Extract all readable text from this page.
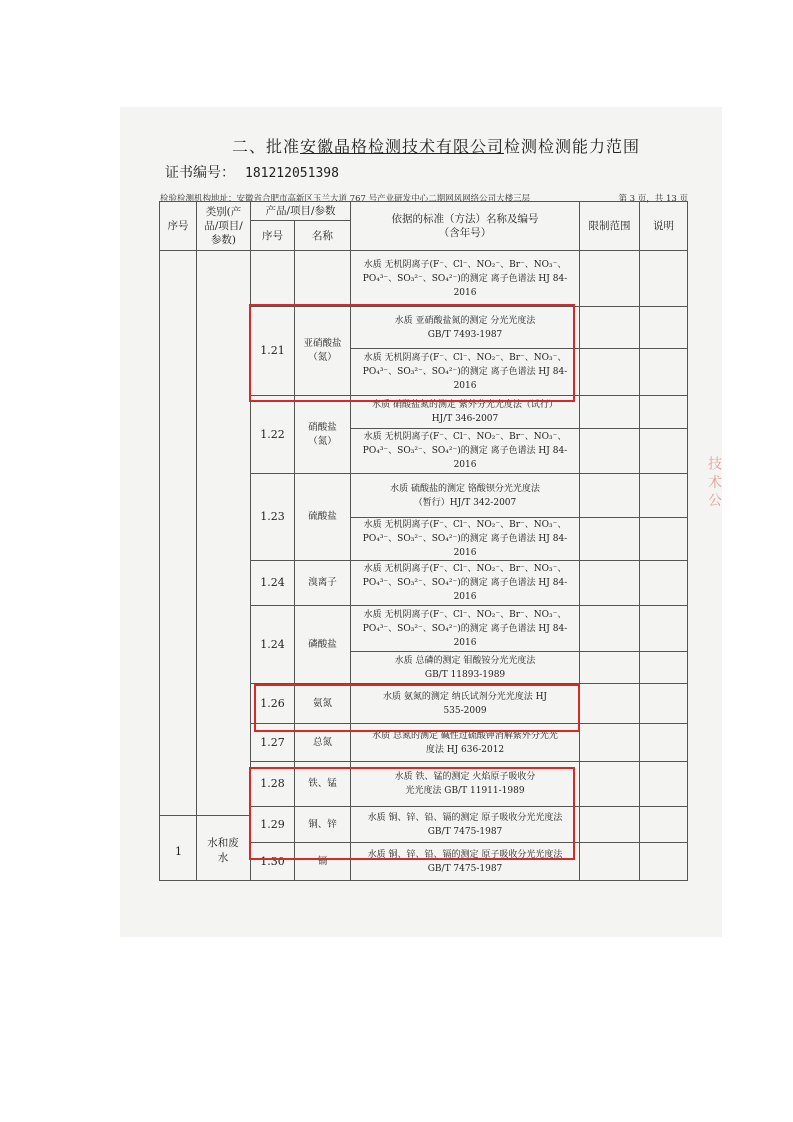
二、批准安徽晶格检测技术有限公司检测检测能力范围
证书编号： 181212051398
检验检测机构地址：安徽省合肥市高新区玉兰大道 767 号产业研发中心二期网风网络公司大楼三层	第 3 页，共 13 页
序号	类别(产品/项目/参数)	产品/项目/参数		依据的标准（方法）名称及编号（含年号）	限制范围	说明
		序号	名称			
				水质 无机阴离子(F⁻、Cl⁻、NO₂⁻、Br⁻、NO₃⁻、PO₄³⁻、SO₃²⁻、SO₄²⁻)的测定 离子色谱法 HJ 84-2016		
		1.21	亚硝酸盐（氮）	水质 亚硝酸盐氮的测定 分光光度法 GB/T 7493-1987		
				水质 无机阴离子(F⁻、Cl⁻、NO₂⁻、Br⁻、NO₃⁻、PO₄³⁻、SO₃²⁻、SO₄²⁻)的测定 离子色谱法 HJ 84-2016		
		1.22	硝酸盐（氮）	水质 硝酸盐氮的测定 紫外分光光度法（试行）HJ/T 346-2007		
				水质 无机阴离子(F⁻、Cl⁻、NO₂⁻、Br⁻、NO₃⁻、PO₄³⁻、SO₃²⁻、SO₄²⁻)的测定 离子色谱法 HJ 84-2016		
		1.23	硫酸盐	水质 硫酸盐的测定 铬酸钡分光光度法（暂行）HJ/T 342-2007		
				水质 无机阴离子(F⁻、Cl⁻、NO₂⁻、Br⁻、NO₃⁻、PO₄³⁻、SO₃²⁻、SO₄²⁻)的测定 离子色谱法 HJ 84-2016		
		1.24	溴离子	水质 无机阴离子(F⁻、Cl⁻、NO₂⁻、Br⁻、NO₃⁻、PO₄³⁻、SO₃²⁻、SO₄²⁻)的测定 离子色谱法 HJ 84-2016		
		1.24	磷酸盐	水质 无机阴离子(F⁻、Cl⁻、NO₂⁻、Br⁻、NO₃⁻、PO₄³⁻、SO₃²⁻、SO₄²⁻)的测定 离子色谱法 HJ 84-2016		
				水质 总磷的测定 钼酸铵分光光度法 GB/T 11893-1989		
		1.26	氨氮	水质 氨氮的测定 纳氏试剂分光光度法 HJ 535-2009		
		1.27	总氮	水质 总氮的测定 碱性过硫酸钾消解紫外分光光度法 HJ 636-2012		
		1.28	铁、锰	水质 铁、锰的测定 火焰原子吸收分光光度法 GB/T 11911-1989		
		1.29	铜、锌	水质 铜、锌、铅、镉的测定 原子吸收分光光度法 GB/T 7475-1987		
		1.30	镉	水质 铜、锌、铅、镉的测定 原子吸收分光光度法 GB/T 7475-1987		
1
水和废水
技 术 公
